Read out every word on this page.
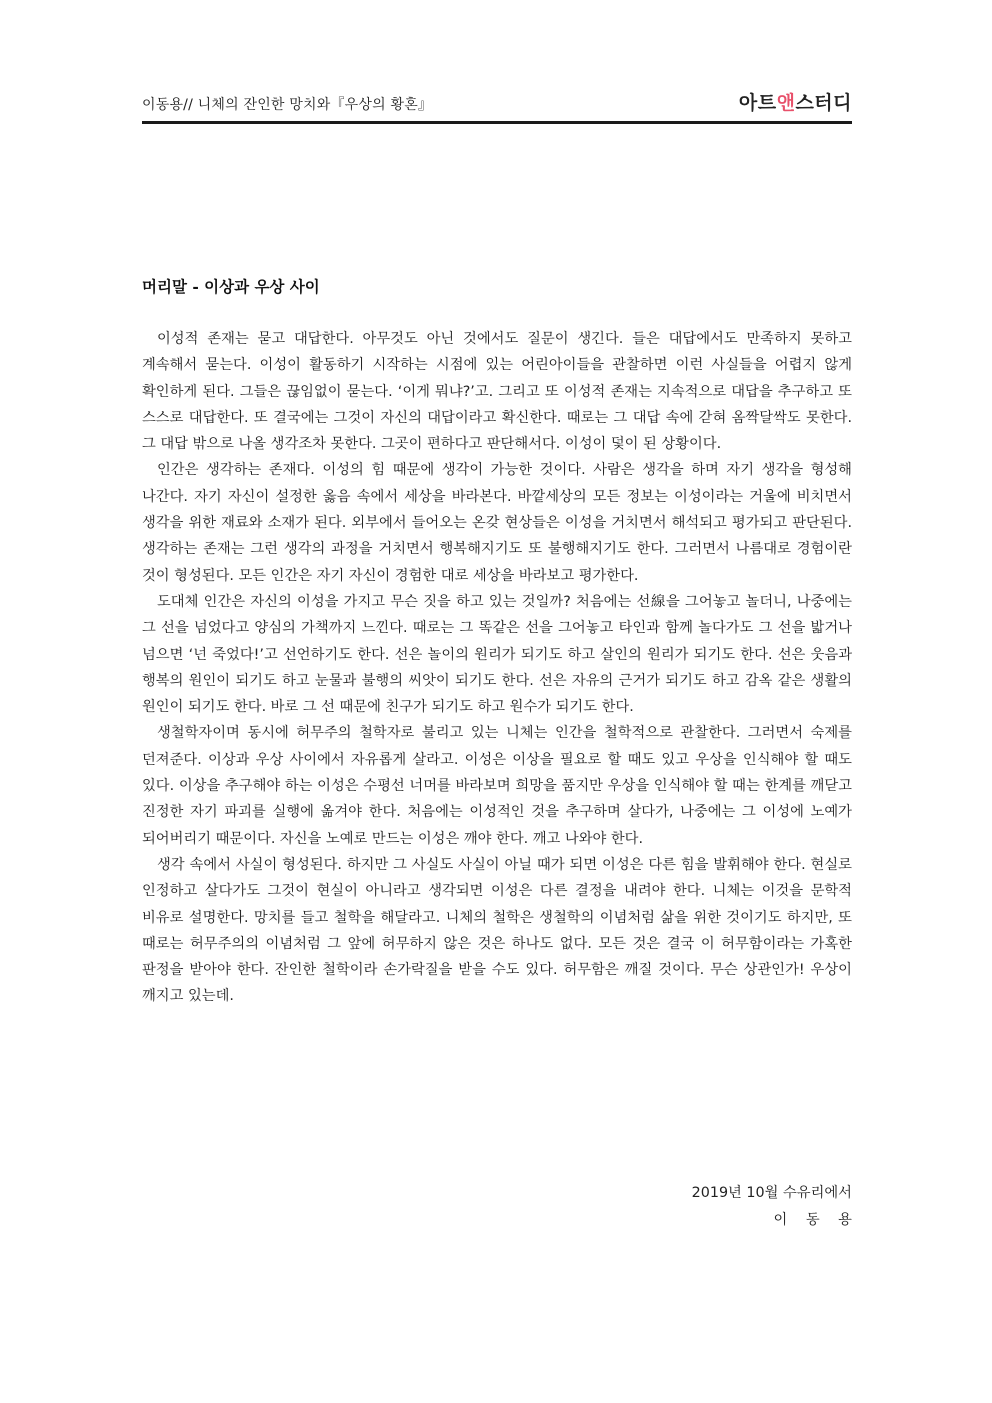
이동용// 니체의 잔인한 망치와『우상의 황혼』	아트앤스터디
머리말 - 이상과 우상 사이

이성적 존재는 묻고 대답한다. 아무것도 아닌 것에서도 질문이 생긴다. 들은 대답에서도 만족하지 못하고 계속해서 묻는다. 이성이 활동하기 시작하는 시점에 있는 어린아이들을 관찰하면 이런 사실들을 어렵지 않게 확인하게 된다. 그들은 끊임없이 묻는다. ‘이게 뭐냐?’고. 그리고 또 이성적 존재는 지속적으로 대답을 추구하고 또 스스로 대답한다. 또 결국에는 그것이 자신의 대답이라고 확신한다. 때로는 그 대답 속에 갇혀 옴짝달싹도 못한다. 그 대답 밖으로 나올 생각조차 못한다. 그곳이 편하다고 판단해서다. 이성이 덫이 된 상황이다.

인간은 생각하는 존재다. 이성의 힘 때문에 생각이 가능한 것이다. 사람은 생각을 하며 자기 생각을 형성해 나간다. 자기 자신이 설정한 옳음 속에서 세상을 바라본다. 바깥세상의 모든 정보는 이성이라는 거울에 비치면서 생각을 위한 재료와 소재가 된다. 외부에서 들어오는 온갖 현상들은 이성을 거치면서 해석되고 평가되고 판단된다. 생각하는 존재는 그런 생각의 과정을 거치면서 행복해지기도 또 불행해지기도 한다. 그러면서 나름대로 경험이란 것이 형성된다. 모든 인간은 자기 자신이 경험한 대로 세상을 바라보고 평가한다.

도대체 인간은 자신의 이성을 가지고 무슨 짓을 하고 있는 것일까? 처음에는 선線을 그어놓고 놀더니, 나중에는 그 선을 넘었다고 양심의 가책까지 느낀다. 때로는 그 똑같은 선을 그어놓고 타인과 함께 놀다가도 그 선을 밟거나 넘으면 ‘넌 죽었다!’고 선언하기도 한다. 선은 놀이의 원리가 되기도 하고 살인의 원리가 되기도 한다. 선은 웃음과 행복의 원인이 되기도 하고 눈물과 불행의 씨앗이 되기도 한다. 선은 자유의 근거가 되기도 하고 감옥 같은 생활의 원인이 되기도 한다. 바로 그 선 때문에 친구가 되기도 하고 원수가 되기도 한다.

생철학자이며 동시에 허무주의 철학자로 불리고 있는 니체는 인간을 철학적으로 관찰한다. 그러면서 숙제를 던져준다. 이상과 우상 사이에서 자유롭게 살라고. 이성은 이상을 필요로 할 때도 있고 우상을 인식해야 할 때도 있다. 이상을 추구해야 하는 이성은 수평선 너머를 바라보며 희망을 품지만 우상을 인식해야 할 때는 한계를 깨닫고 진정한 자기 파괴를 실행에 옮겨야 한다. 처음에는 이성적인 것을 추구하며 살다가, 나중에는 그 이성에 노예가 되어버리기 때문이다. 자신을 노예로 만드는 이성은 깨야 한다. 깨고 나와야 한다.

생각 속에서 사실이 형성된다. 하지만 그 사실도 사실이 아닐 때가 되면 이성은 다른 힘을 발휘해야 한다. 현실로 인정하고 살다가도 그것이 현실이 아니라고 생각되면 이성은 다른 결정을 내려야 한다. 니체는 이것을 문학적 비유로 설명한다. 망치를 들고 철학을 해달라고. 니체의 철학은 생철학의 이념처럼 삶을 위한 것이기도 하지만, 또 때로는 허무주의의 이념처럼 그 앞에 허무하지 않은 것은 하나도 없다. 모든 것은 결국 이 허무함이라는 가혹한 판정을 받아야 한다. 잔인한 철학이라 손가락질을 받을 수도 있다. 허무함은 깨질 것이다. 무슨 상관인가! 우상이 깨지고 있는데.

2019년 10월 수유리에서
이 동 용
